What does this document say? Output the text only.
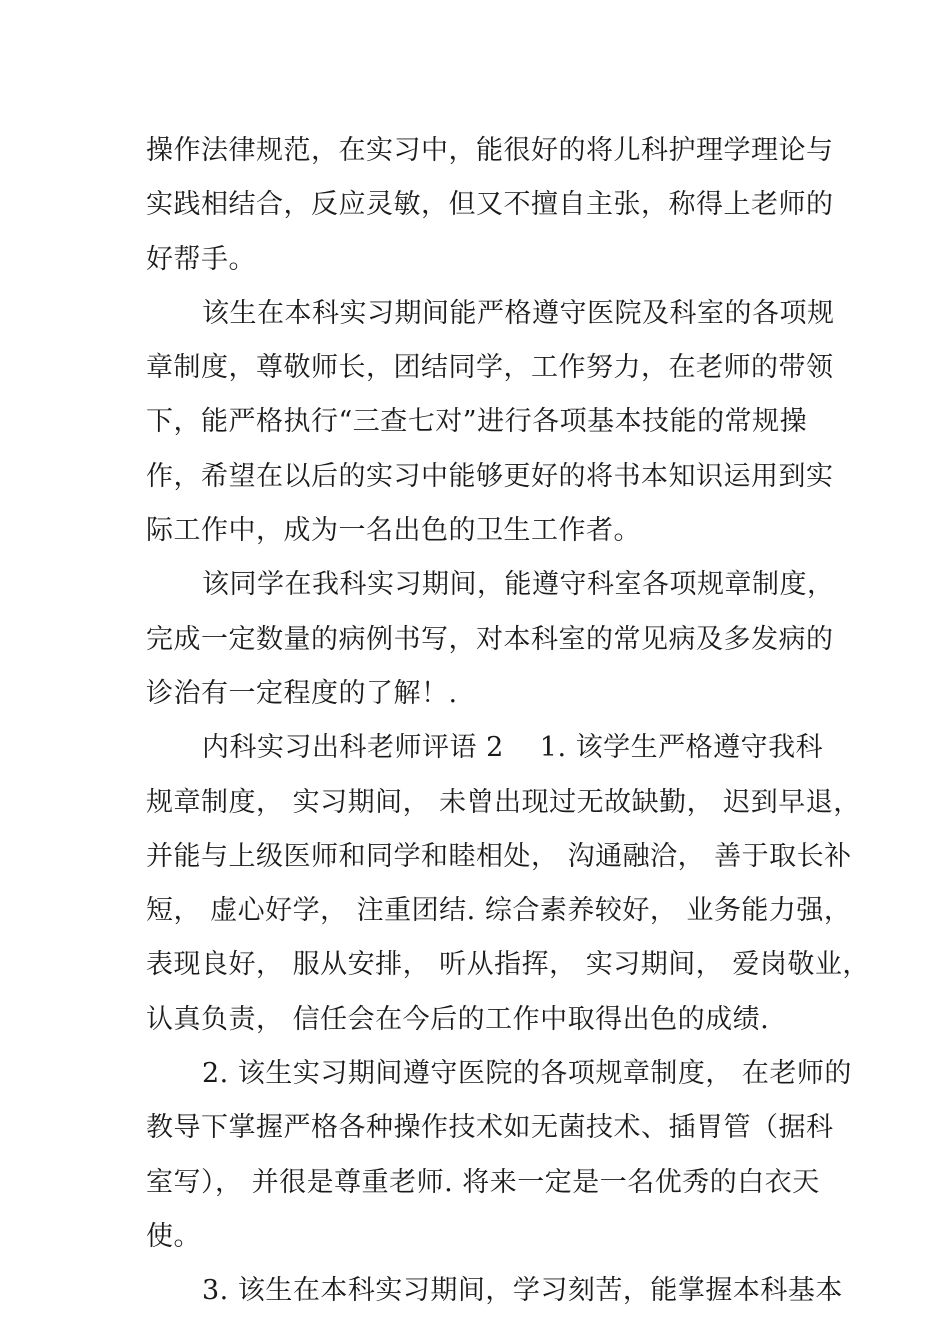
操作法律规范，在实习中，能很好的将儿科护理学理论与
实践相结合，反应灵敏，但又不擅自主张，称得上老师的
好帮手。
该生在本科实习期间能严格遵守医院及科室的各项规
章制度，尊敬师长，团结同学，工作努力，在老师的带领
下，能严格执行“三查七对”进行各项基本技能的常规操
作，希望在以后的实习中能够更好的将书本知识运用到实
际工作中，成为一名出色的卫生工作者。
该同学在我科实习期间，能遵守科室各项规章制度，
完成一定数量的病例书写，对本科室的常见病及多发病的
诊治有一定程度的了解！.
内科实习出科老师评语 2 1. 该学生严格遵守我科
规章制度， 实习期间， 未曾出现过无故缺勤， 迟到早退，
并能与上级医师和同学和睦相处， 沟通融洽， 善于取长补
短， 虚心好学， 注重团结. 综合素养较好， 业务能力强，
表现良好， 服从安排， 听从指挥， 实习期间， 爱岗敬业，
认真负责， 信任会在今后的工作中取得出色的成绩.
2. 该生实习期间遵守医院的各项规章制度， 在老师的
教导下掌握严格各种操作技术如无菌技术、插胃管（据科
室写）， 并很是尊重老师. 将来一定是一名优秀的白衣天
使。
3. 该生在本科实习期间，学习刻苦，能掌握本科基本
